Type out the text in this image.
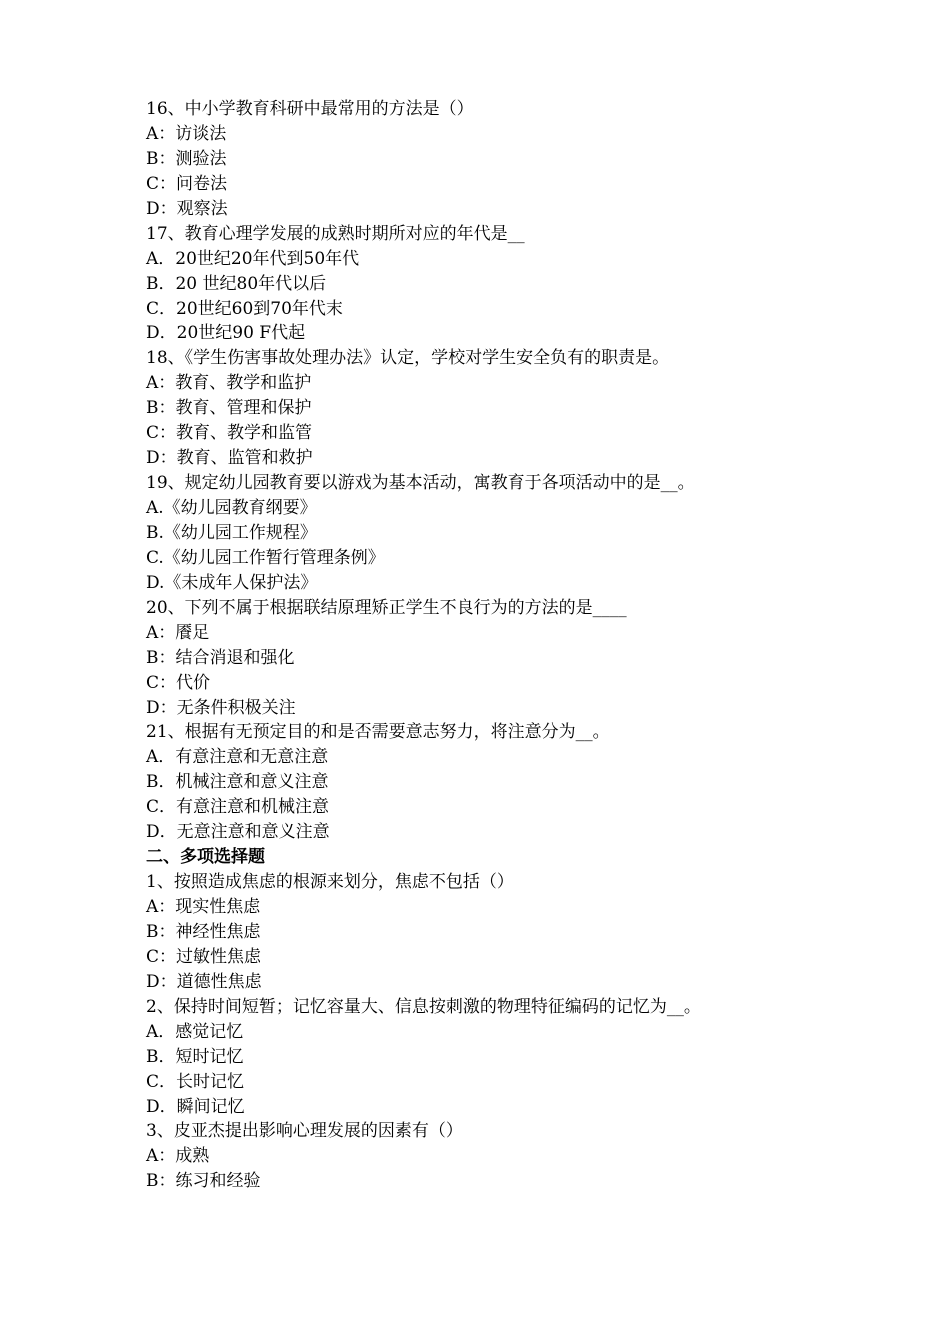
16、中小学教育科研中最常用的方法是（）
A：访谈法
B：测验法
C：问卷法
D：观察法
17、教育心理学发展的成熟时期所对应的年代是__
A．20世纪20年代到50年代
B．20 世纪80年代以后
C．20世纪60到70年代末
D．20世纪90 F代起
18、《学生伤害事故处理办法》认定，学校对学生安全负有的职责是。
A：教育、教学和监护
B：教育、管理和保护
C：教育、教学和监管
D：教育、监管和救护
19、规定幼儿园教育要以游戏为基本活动，寓教育于各项活动中的是__。
A.《幼儿园教育纲要》
B.《幼儿园工作规程》
C.《幼儿园工作暂行管理条例》
D.《未成年人保护法》
20、下列不属于根据联结原理矫正学生不良行为的方法的是____
A：餍足
B：结合消退和强化
C：代价
D：无条件积极关注
21、根据有无预定目的和是否需要意志努力，将注意分为__。
A．有意注意和无意注意
B．机械注意和意义注意
C．有意注意和机械注意
D．无意注意和意义注意
二、多项选择题
1、按照造成焦虑的根源来划分，焦虑不包括（）
A：现实性焦虑
B：神经性焦虑
C：过敏性焦虑
D：道德性焦虑
2、保持时间短暂；记忆容量大、信息按刺激的物理特征编码的记忆为__。
A．感觉记忆
B．短时记忆
C．长时记忆
D．瞬间记忆
3、皮亚杰提出影响心理发展的因素有（）
A：成熟
B：练习和经验
